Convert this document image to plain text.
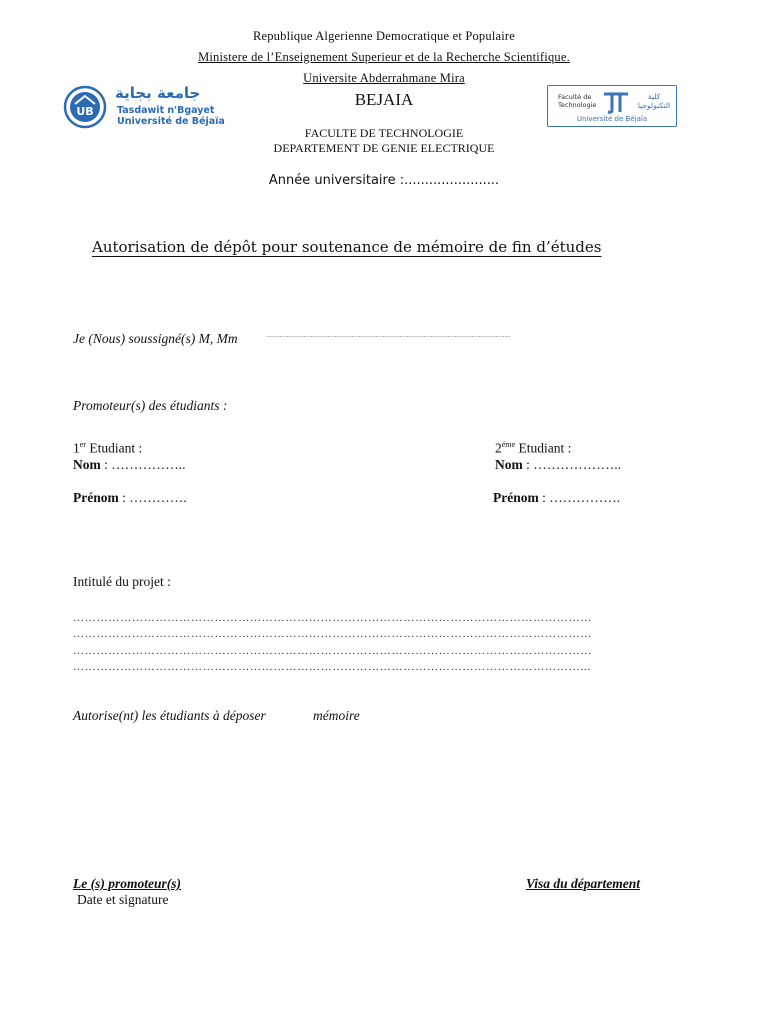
Republique Algerienne Democratique et Populaire
Ministere de l’Enseignement Superieur et de la Recherche Scientifique.
Universite Abderrahmane Mira
BEJAIA
FACULTE DE TECHNOLOGIE
DEPARTEMENT DE GENIE ELECTRIQUE
Année universitaire :.......................
UB
جامعة بجاية
Tasdawit n'Bgayet
Université de Béjaïa
Faculté de Technologie
كلية التكنولوجيا
Université de Béjaïa
Autorisation de dépôt pour soutenance de mémoire de fin d’études
Je (Nous) soussigné(s) M, Mm	...................................................................................................................................................................
Promoteur(s) des étudiants :
1er Etudiant :
Nom : ……………..
Prénom : ………….
$2^{éme}$ Etudiant :
Nom : ………………..
Prénom : …………….
Intitulé du projet :
……………………………………………………………………………………………………………………
……………………………………………………………………………………………………………………
……………………………………………………………………………………………………………………
…………………………………………………………………………………………………………………...
Autorise(nt) les étudiants à déposer	mémoire
Le (s) promoteur(s)
Date et signature
Visa du département
